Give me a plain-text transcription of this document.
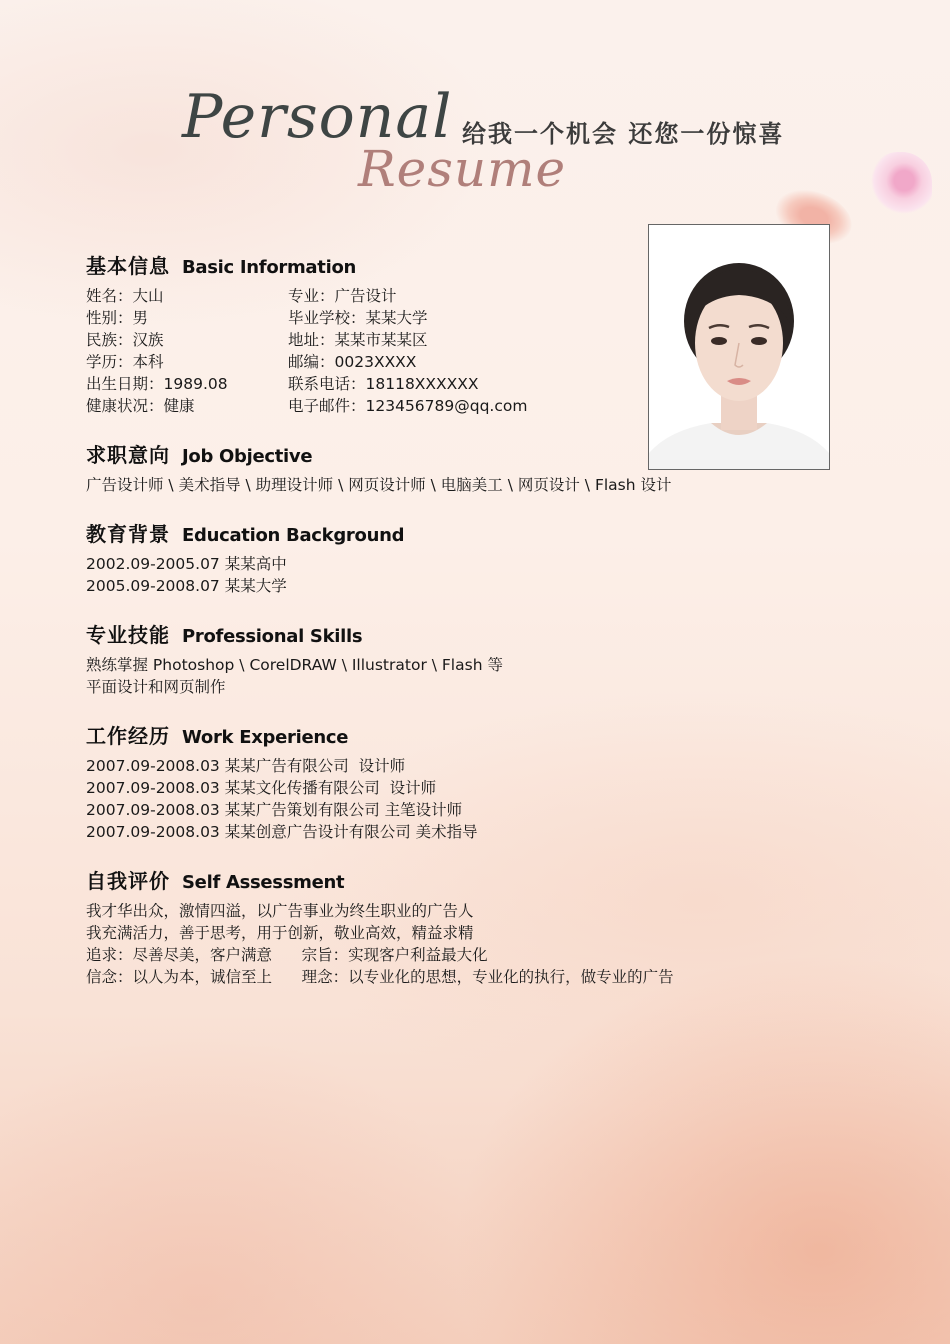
Personal
Resume
给我一个机会 还您一份惊喜
基本信息 Basic Information
姓名：大山
性别：男
民族：汉族
学历：本科
出生日期：1989.08
健康状况：健康
专业：广告设计
毕业学校：某某大学
地址：某某市某某区
邮编：0023XXXX
联系电话：18118XXXXXX
电子邮件：123456789@qq.com
求职意向 Job Objective
广告设计师 \ 美术指导 \ 助理设计师 \ 网页设计师 \ 电脑美工 \ 网页设计 \ Flash 设计
教育背景 Education Background
2002.09-2005.07 某某高中
2005.09-2008.07 某某大学
专业技能 Professional Skills
熟练掌握 Photoshop \ CorelDRAW \ Illustrator \ Flash 等
平面设计和网页制作
工作经历 Work Experience
2007.09-2008.03 某某广告有限公司  设计师
2007.09-2008.03 某某文化传播有限公司  设计师
2007.09-2008.03 某某广告策划有限公司 主笔设计师
2007.09-2008.03 某某创意广告设计有限公司 美术指导
自我评价 Self Assessment
我才华出众，激情四溢，以广告事业为终生职业的广告人
我充满活力，善于思考，用于创新，敬业高效，精益求精
追求：尽善尽美，客户满意      宗旨：实现客户利益最大化
信念：以人为本，诚信至上      理念：以专业化的思想，专业化的执行，做专业的广告
